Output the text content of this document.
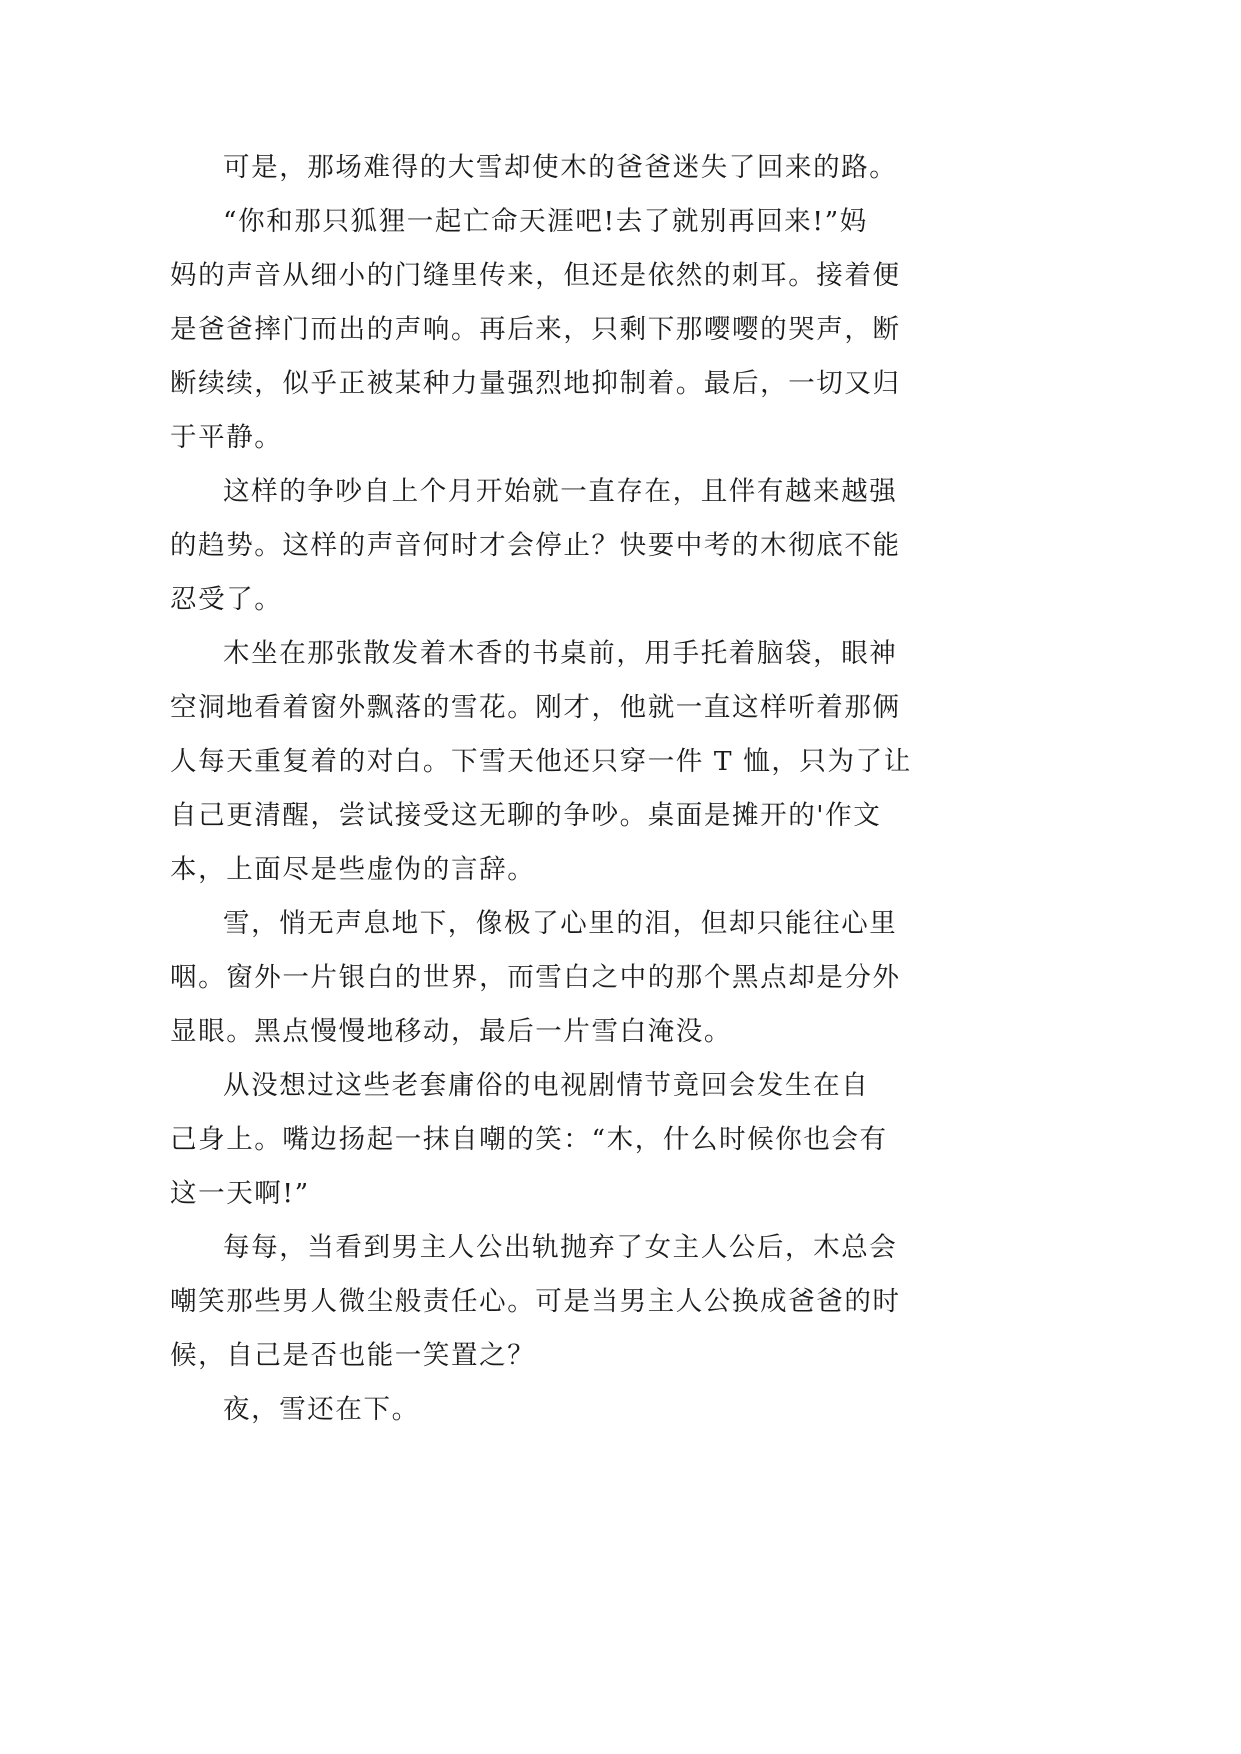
可是，那场难得的大雪却使木的爸爸迷失了回来的路。
“你和那只狐狸一起亡命天涯吧!去了就别再回来!”妈
妈的声音从细小的门缝里传来，但还是依然的刺耳。接着便
是爸爸摔门而出的声响。再后来，只剩下那嘤嘤的哭声，断
断续续，似乎正被某种力量强烈地抑制着。最后，一切又归
于平静。
这样的争吵自上个月开始就一直存在，且伴有越来越强
的趋势。这样的声音何时才会停止？快要中考的木彻底不能
忍受了。
木坐在那张散发着木香的书桌前，用手托着脑袋，眼神
空洞地看着窗外飘落的雪花。刚才，他就一直这样听着那俩
人每天重复着的对白。下雪天他还只穿一件 T 恤，只为了让
自己更清醒，尝试接受这无聊的争吵。桌面是摊开的'作文
本，上面尽是些虚伪的言辞。
雪，悄无声息地下，像极了心里的泪，但却只能往心里
咽。窗外一片银白的世界，而雪白之中的那个黑点却是分外
显眼。黑点慢慢地移动，最后一片雪白淹没。
从没想过这些老套庸俗的电视剧情节竟回会发生在自
己身上。嘴边扬起一抹自嘲的笑：“木，什么时候你也会有
这一天啊!”
每每，当看到男主人公出轨抛弃了女主人公后，木总会
嘲笑那些男人微尘般责任心。可是当男主人公换成爸爸的时
候，自己是否也能一笑置之？
夜，雪还在下。
